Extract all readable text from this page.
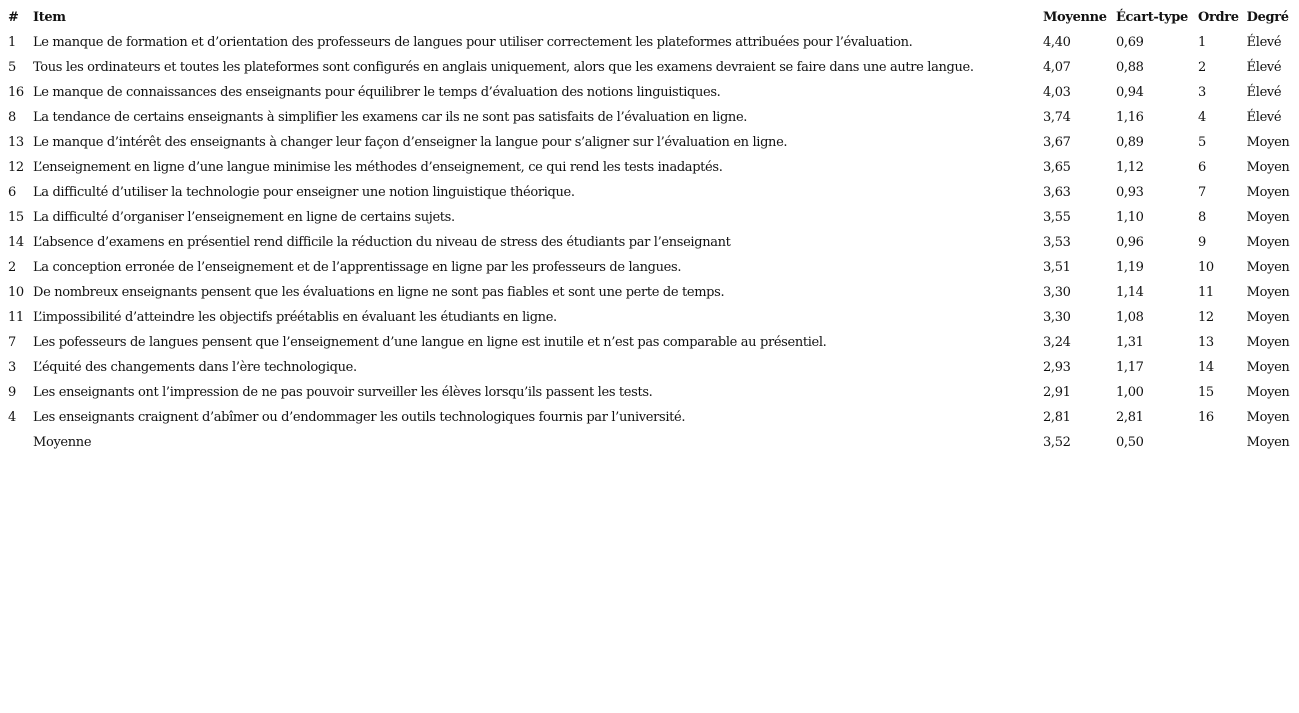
#	Item	Moyenne	Écart-type	Ordre	Degré
1	Le manque de formation et d’orientation des professeurs de langues pour utiliser correctement les plateformes attribuées pour l’évaluation.	4,40	0,69	1	Élevé
5	Tous les ordinateurs et toutes les plateformes sont configurés en anglais uniquement, alors que les examens devraient se faire dans une autre langue.	4,07	0,88	2	Élevé
16	Le manque de connaissances des enseignants pour équilibrer le temps d’évaluation des notions linguistiques.	4,03	0,94	3	Élevé
8	La tendance de certains enseignants à simplifier les examens car ils ne sont pas satisfaits de l’évaluation en ligne.	3,74	1,16	4	Élevé
13	Le manque d’intérêt des enseignants à changer leur façon d’enseigner la langue pour s’aligner sur l’évaluation en ligne.	3,67	0,89	5	Moyen
12	L’enseignement en ligne d’une langue minimise les méthodes d’enseignement, ce qui rend les tests inadaptés.	3,65	1,12	6	Moyen
6	La difficulté d’utiliser la technologie pour enseigner une notion linguistique théorique.	3,63	0,93	7	Moyen
15	La difficulté d’organiser l’enseignement en ligne de certains sujets.	3,55	1,10	8	Moyen
14	L’absence d’examens en présentiel rend difficile la réduction du niveau de stress des étudiants par l’enseignant	3,53	0,96	9	Moyen
2	La conception erronée de l’enseignement et de l’apprentissage en ligne par les professeurs de langues.	3,51	1,19	10	Moyen
10	De nombreux enseignants pensent que les évaluations en ligne ne sont pas fiables et sont une perte de temps.	3,30	1,14	11	Moyen
11	L’impossibilité d’atteindre les objectifs préétablis en évaluant les étudiants en ligne.	3,30	1,08	12	Moyen
7	Les pofesseurs de langues pensent que l’enseignement d’une langue en ligne est inutile et n’est pas comparable au présentiel.	3,24	1,31	13	Moyen
3	L’équité des changements dans l’ère technologique.	2,93	1,17	14	Moyen
9	Les enseignants ont l’impression de ne pas pouvoir surveiller les élèves lorsqu’ils passent les tests.	2,91	1,00	15	Moyen
4	Les enseignants craignent d’abîmer ou d’endommager les outils technologiques fournis par l’université.	2,81	2,81	16	Moyen
	Moyenne	3,52	0,50		Moyen
